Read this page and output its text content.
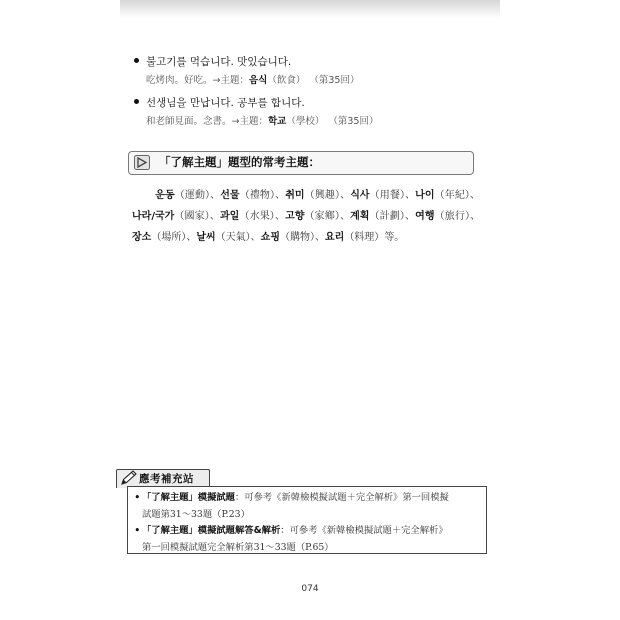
불고기를 먹습니다. 맛있습니다.
吃烤肉。好吃。→主題：음식（飲食） （第35回）
선생님을 만납니다. 공부를 합니다.
和老師見面。念書。→主題：학교（學校） （第35回）
「了解主題」題型的常考主題：
운동（運動）、선물（禮物）、취미（興趣）、식사（用餐）、나이（年紀）、나라/국가（國家）、과일（水果）、고향（家鄉）、계획（計劃）、여행（旅行）、장소（場所）、날씨（天氣）、쇼핑（購物）、요리（料理）等。
應考補充站
• 「了解主題」模擬試題：可參考《新韓檢模擬試題＋完全解析》第一回模擬
試題第31～33題（P.23）
• 「了解主題」模擬試題解答&解析：可參考《新韓檢模擬試題＋完全解析》
第一回模擬試題完全解析第31～33題（P.65）
074
